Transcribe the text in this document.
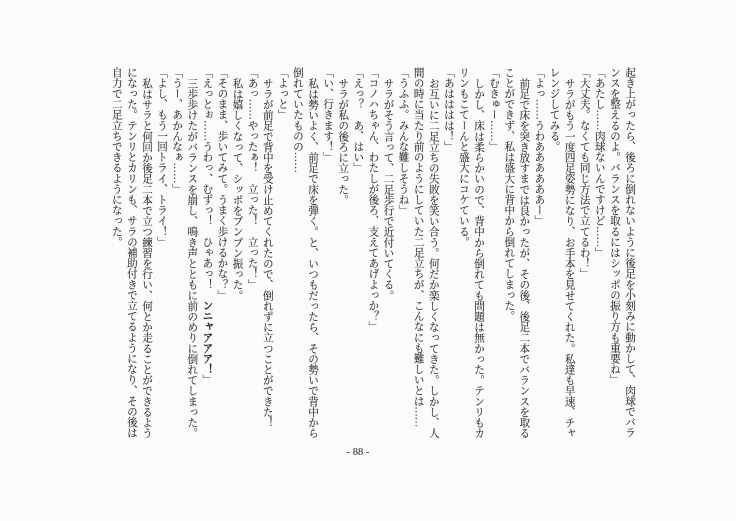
起き上がったら、後ろに倒れないように後足を小刻みに動かして、肉球でバランスを整えるのよ。バランスを取るにはシッポの振り方も重要ね」

「あたし……肉球ないんですけど……」

「大丈夫。なくても同じ方法で立てるわ！」

サラがもう一度四足姿勢になり、お手本を見せてくれた。私達も早速、チャレンジしてみる。

「よっ……うわああああああー」

前足で床を突き放すまでは良かったが、その後、後足二本でバランスを取ることができず、私は盛大に背中から倒れてしまった。

「むきゅー……」

しかし、床は柔らかいので、背中から倒れても問題は無かった。テンリもカリンもこてーんと盛大にコケている。

「あはははは！」

お互いに二足立ちの失敗を笑い合う。何だか楽しくなってきた。しかし、人間の時に当たり前のようにしていた二足立ちが、こんなにも難しいとは……

「うふふ。みんな難しそうね」

サラがそう言って、二足歩行で近付いてくる。

「コノハちゃん、わたしが後ろ、支えてあげよっか？」

「えっ？　あ、はい」

サラが私の後ろに立った。

「い、行きます！」

私は勢いよく、前足で床を弾く。と、いつもだったら、その勢いで背中から倒れていたものの……

「よっと」

サラが前足で背中を受け止めてくれたので、倒れずに立つことができた！

「あっ……やったぁ！　立った！　立った！」

私は嬉しくなって、シッポをブンブン振った。

「そのまま、歩いてみて。うまく歩けるかな？」

「えっとぉ……うわっ、むずっ！　ひゃあっ！　ンニャアアア！」

三歩歩けたがバランスを崩し、鳴き声とともに前のめりに倒れてしまった。

「うー、あかんなぁ……」

「よし、もう一回トライ、トライ！」

私はサラと何回か後足二本で立つ練習を行い、何とか走ることができるようになった。テンリとカリンも、サラの補助付きで立てるようになり、その後は自力で二足立ちできるようになった。

- 88 -
